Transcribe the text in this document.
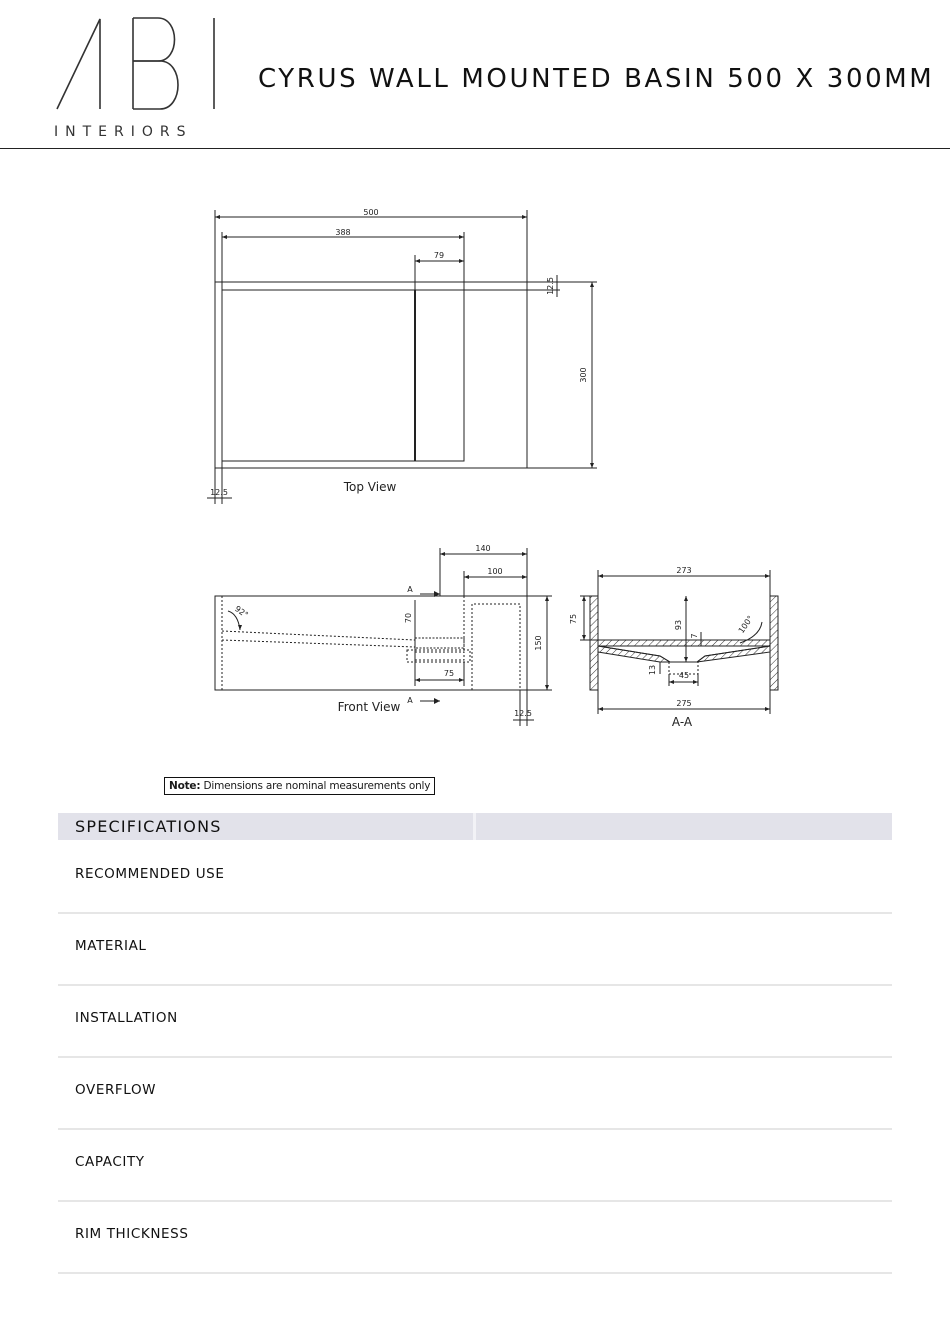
ABI
INTERIORS
CYRUS WALL MOUNTED BASIN 500 X 300MM
500
388
79
12.5
300
12.5	Top View
140
100
70
75
150
12.5
92°
A
A
Front View
273
75
93
7
100°
13
45
275
A-A
Note: Dimensions are nominal measurements only
SPECIFICATIONS
RECOMMENDED USE
MATERIAL
INSTALLATION
OVERFLOW
CAPACITY
RIM THICKNESS
